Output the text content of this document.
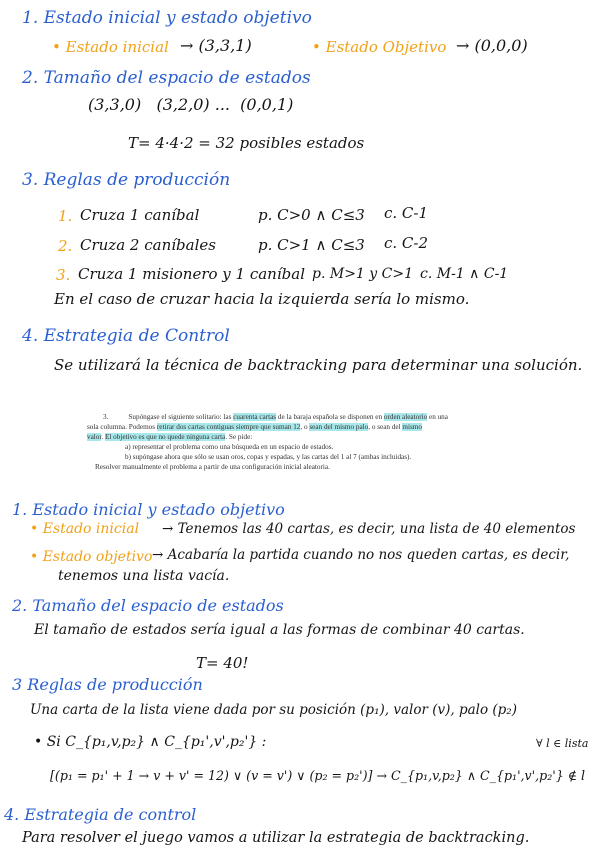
1. Estado inicial y estado objetivo
• Estado inicial → (3,3,1)	• Estado Objetivo → (0,0,0)
2. Tamaño del espacio de estados
(3,3,0)   (3,2,0) ...  (0,0,1)
T= 4·4·2 = 32 posibles estados
3. Reglas de producción
1. Cruza 1 caníbal	p. C>0 ∧ C≤3 c. C-1
2. Cruza 2 caníbales	p. C>1 ∧ C≤3 c. C-2
3. Cruza 1 misionero y 1 caníbal p. M>1 y C>1 c. M-1 ∧ C-1
En el caso de cruzar hacia la izquierda sería lo mismo.
4. Estrategia de Control
Se utilizará la técnica de backtracking para determinar una solución.
3.	Supóngase el siguiente solitario: las cuarenta cartas de la baraja española se disponen en orden aleatorio en una
sola columna. Podemos retirar dos cartas contiguas siempre que suman 12, o sean del mismo palo, o sean del mismo
valor. El objetivo es que no quede ninguna carta. Se pide:
a) representar el problema como una búsqueda en un espacio de estados.
b) supóngase ahora que sólo se usan oros, copas y espadas, y las cartas del 1 al 7 (ambas incluidas).
Resolver manualmente el problema a partir de una configuración inicial aleatoria.
1. Estado inicial y estado objetivo
• Estado inicial → Tenemos las 40 cartas, es decir, una lista de 40 elementos
• Estado objetivo → Acabaría la partida cuando no nos queden cartas, es decir,
tenemos una lista vacía.
2. Tamaño del espacio de estados
El tamaño de estados sería igual a las formas de combinar 40 cartas.
T= 40!
3 Reglas de producción
Una carta de la lista viene dada por su posición (p₁), valor (v), palo (p₂)
• Si C_{p₁,v,p₂} ∧ C_{p₁',v',p₂'} :	∀ l ∈ lista
[(p₁ = p₁' + 1 → v + v' = 12) ∨ (v = v') ∨ (p₂ = p₂')] → C_{p₁,v,p₂} ∧ C_{p₁',v',p₂'} ∉ l
4. Estrategia de control
Para resolver el juego vamos a utilizar la estrategia de backtracking.
